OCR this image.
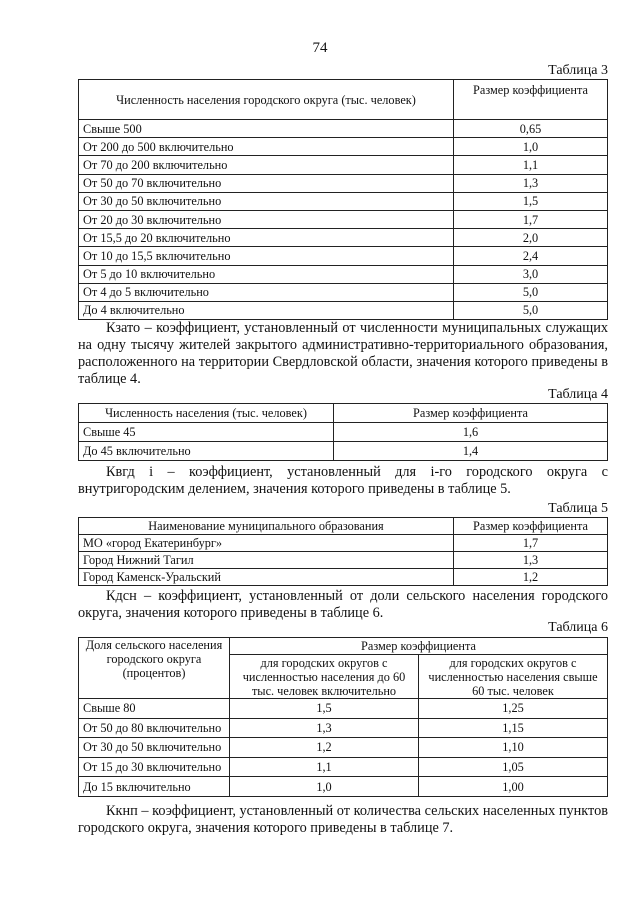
74
Таблица 3
Численность населения городского округа (тыс. человек)	Размер коэффициента
Свыше 500	0,65
От 200 до 500 включительно	1,0
От 70 до 200 включительно	1,1
От 50 до 70 включительно	1,3
От 30 до 50 включительно	1,5
От 20 до 30 включительно	1,7
От 15,5 до 20 включительно	2,0
От 10 до 15,5 включительно	2,4
От 5 до 10 включительно	3,0
От 4 до 5 включительно	5,0
До 4 включительно	5,0
Кзато – коэффициент, установленный от численности муниципальных служащих на одну тысячу жителей закрытого административно-территориального образования, расположенного на территории Свердловской области, значения которого приведены в таблице 4.
Таблица 4
Численность населения (тыс. человек)	Размер коэффициента
Свыше 45	1,6
До 45 включительно	1,4
Квгд i – коэффициент, установленный для i-го городского округа с внутригородским делением, значения которого приведены в таблице 5.
Таблица 5
Наименование муниципального образования	Размер коэффициента
МО «город Екатеринбург»	1,7
Город Нижний Тагил	1,3
Город Каменск-Уральский	1,2
Кдсн – коэффициент, установленный от доли сельского населения городского округа, значения которого приведены в таблице 6.
Таблица 6
Доля сельского населения городского округа (процентов)	Размер коэффициента	
	для городских округов с численностью населения до 60 тыс. человек включительно	для городских округов с численностью населения свыше 60 тыс. человек
Свыше 80	1,5	1,25
От 50 до 80 включительно	1,3	1,15
От 30 до 50 включительно	1,2	1,10
От 15 до 30 включительно	1,1	1,05
До 15 включительно	1,0	1,00
Ккнп – коэффициент, установленный от количества сельских населенных пунктов городского округа, значения которого приведены в таблице 7.
